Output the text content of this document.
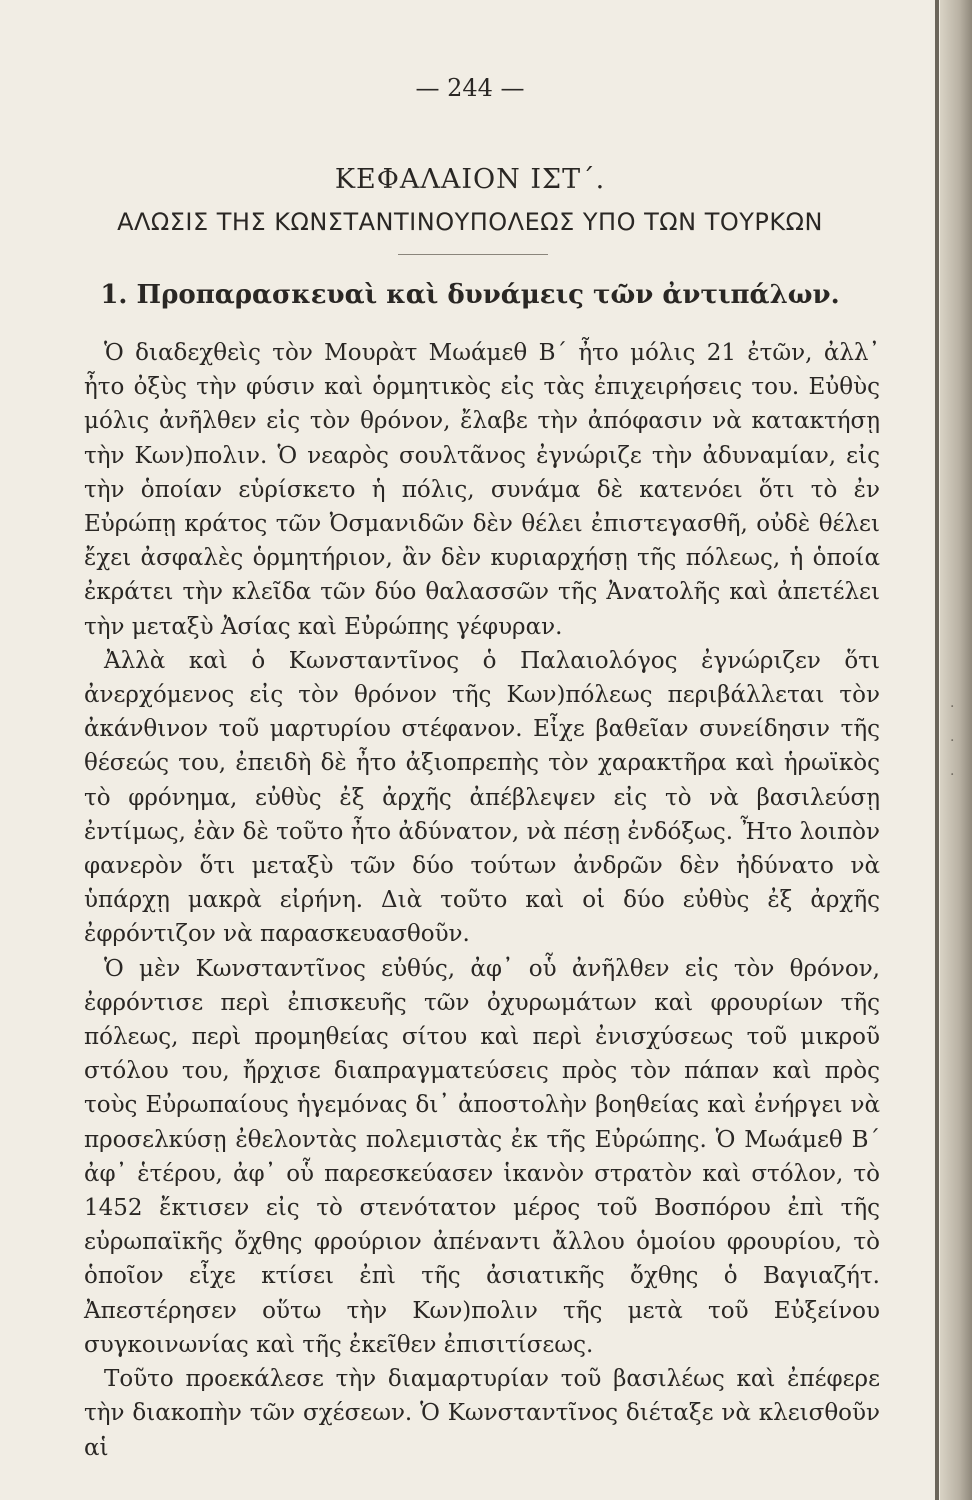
— 244 —
ΚΕΦΑΛΑΙΟΝ ΙΣΤ΄.
ΑΛΩΣΙΣ ΤΗΣ ΚΩΝΣΤΑΝΤΙΝΟΥΠΟΛΕΩΣ ΥΠΟ ΤΩΝ ΤΟΥΡΚΩΝ
1. Προπαρασκευαὶ καὶ δυνάμεις τῶν ἀντιπάλων.

Ὁ διαδεχθεὶς τὸν Μουρὰτ Μωάμεθ Β΄ ἦτο μόλις 21 ἐτῶν, ἀλλ᾽ ἦτο ὀξὺς τὴν φύσιν καὶ ὁρμητικὸς εἰς τὰς ἐπιχειρήσεις του. Εὐθὺς μόλις ἀνῆλθεν εἰς τὸν θρόνον, ἔλαβε τὴν ἀπόφασιν νὰ κατακτήσῃ τὴν Κων)πολιν. Ὁ νεαρὸς σουλτᾶνος ἐγνώριζε τὴν ἀδυναμίαν, εἰς τὴν ὁποίαν εὑρίσκετο ἡ πόλις, συνάμα δὲ κατενόει ὅτι τὸ ἐν Εὐρώπῃ κράτος τῶν Ὀσμανιδῶν δὲν θέλει ἐπιστεγασθῆ, οὐδὲ θέλει ἔχει ἀσφαλὲς ὁρμητήριον, ἂν δὲν κυριαρχήσῃ τῆς πόλεως, ἡ ὁποία ἐκράτει τὴν κλεῖδα τῶν δύο θαλασσῶν τῆς Ἀνατολῆς καὶ ἀπετέλει τὴν μεταξὺ Ἀσίας καὶ Εὐρώπης γέφυραν.

Ἀλλὰ καὶ ὁ Κωνσταντῖνος ὁ Παλαιολόγος ἐγνώριζεν ὅτι ἀνερχόμενος εἰς τὸν θρόνον τῆς Κων)πόλεως περιβάλλεται τὸν ἀκάνθινον τοῦ μαρτυρίου στέφανον. Εἶχε βαθεῖαν συνείδησιν τῆς θέσεώς του, ἐπειδὴ δὲ ἦτο ἀξιοπρεπὴς τὸν χαρακτῆρα καὶ ἡρωϊκὸς τὸ φρόνημα, εὐθὺς ἐξ ἀρχῆς ἀπέβλεψεν εἰς τὸ νὰ βασιλεύσῃ ἐντίμως, ἐὰν δὲ τοῦτο ἦτο ἀδύνατον, νὰ πέσῃ ἐνδόξως. Ἦτο λοιπὸν φανερὸν ὅτι μεταξὺ τῶν δύο τούτων ἀνδρῶν δὲν ἠδύνατο νὰ ὑπάρχῃ μακρὰ εἰρήνη. Διὰ τοῦτο καὶ οἱ δύο εὐθὺς ἐξ ἀρχῆς ἐφρόντιζον νὰ παρασκευασθοῦν.

Ὁ μὲν Κωνσταντῖνος εὐθύς, ἀφ᾽ οὗ ἀνῆλθεν εἰς τὸν θρόνον, ἐφρόντισε περὶ ἐπισκευῆς τῶν ὀχυρωμάτων καὶ φρουρίων τῆς πόλεως, περὶ προμηθείας σίτου καὶ περὶ ἐνισχύσεως τοῦ μικροῦ στόλου του, ἤρχισε διαπραγματεύσεις πρὸς τὸν πάπαν καὶ πρὸς τοὺς Εὐρωπαίους ἡγεμόνας δι᾽ ἀποστολὴν βοηθείας καὶ ἐνήργει νὰ προσελκύσῃ ἐθελοντὰς πολεμιστὰς ἐκ τῆς Εὐρώπης. Ὁ Μωάμεθ Β΄ ἀφ᾽ ἑτέρου, ἀφ᾽ οὗ παρεσκεύασεν ἱκανὸν στρατὸν καὶ στόλον, τὸ 1452 ἔκτισεν εἰς τὸ στενότατον μέρος τοῦ Βοσπόρου ἐπὶ τῆς εὐρωπαϊκῆς ὄχθης φρούριον ἀπέναντι ἄλλου ὁμοίου φρουρίου, τὸ ὁποῖον εἶχε κτίσει ἐπὶ τῆς ἀσιατικῆς ὄχθης ὁ Βαγιαζήτ. Ἀπεστέρησεν οὕτω τὴν Κων)πολιν τῆς μετὰ τοῦ Εὐξείνου συγκοινωνίας καὶ τῆς ἐκεῖθεν ἐπισιτίσεως.

Τοῦτο προεκάλεσε τὴν διαμαρτυρίαν τοῦ βασιλέως καὶ ἐπέφερε τὴν διακοπὴν τῶν σχέσεων. Ὁ Κωνσταντῖνος διέταξε νὰ κλεισθοῦν αἱ

·
·
·
